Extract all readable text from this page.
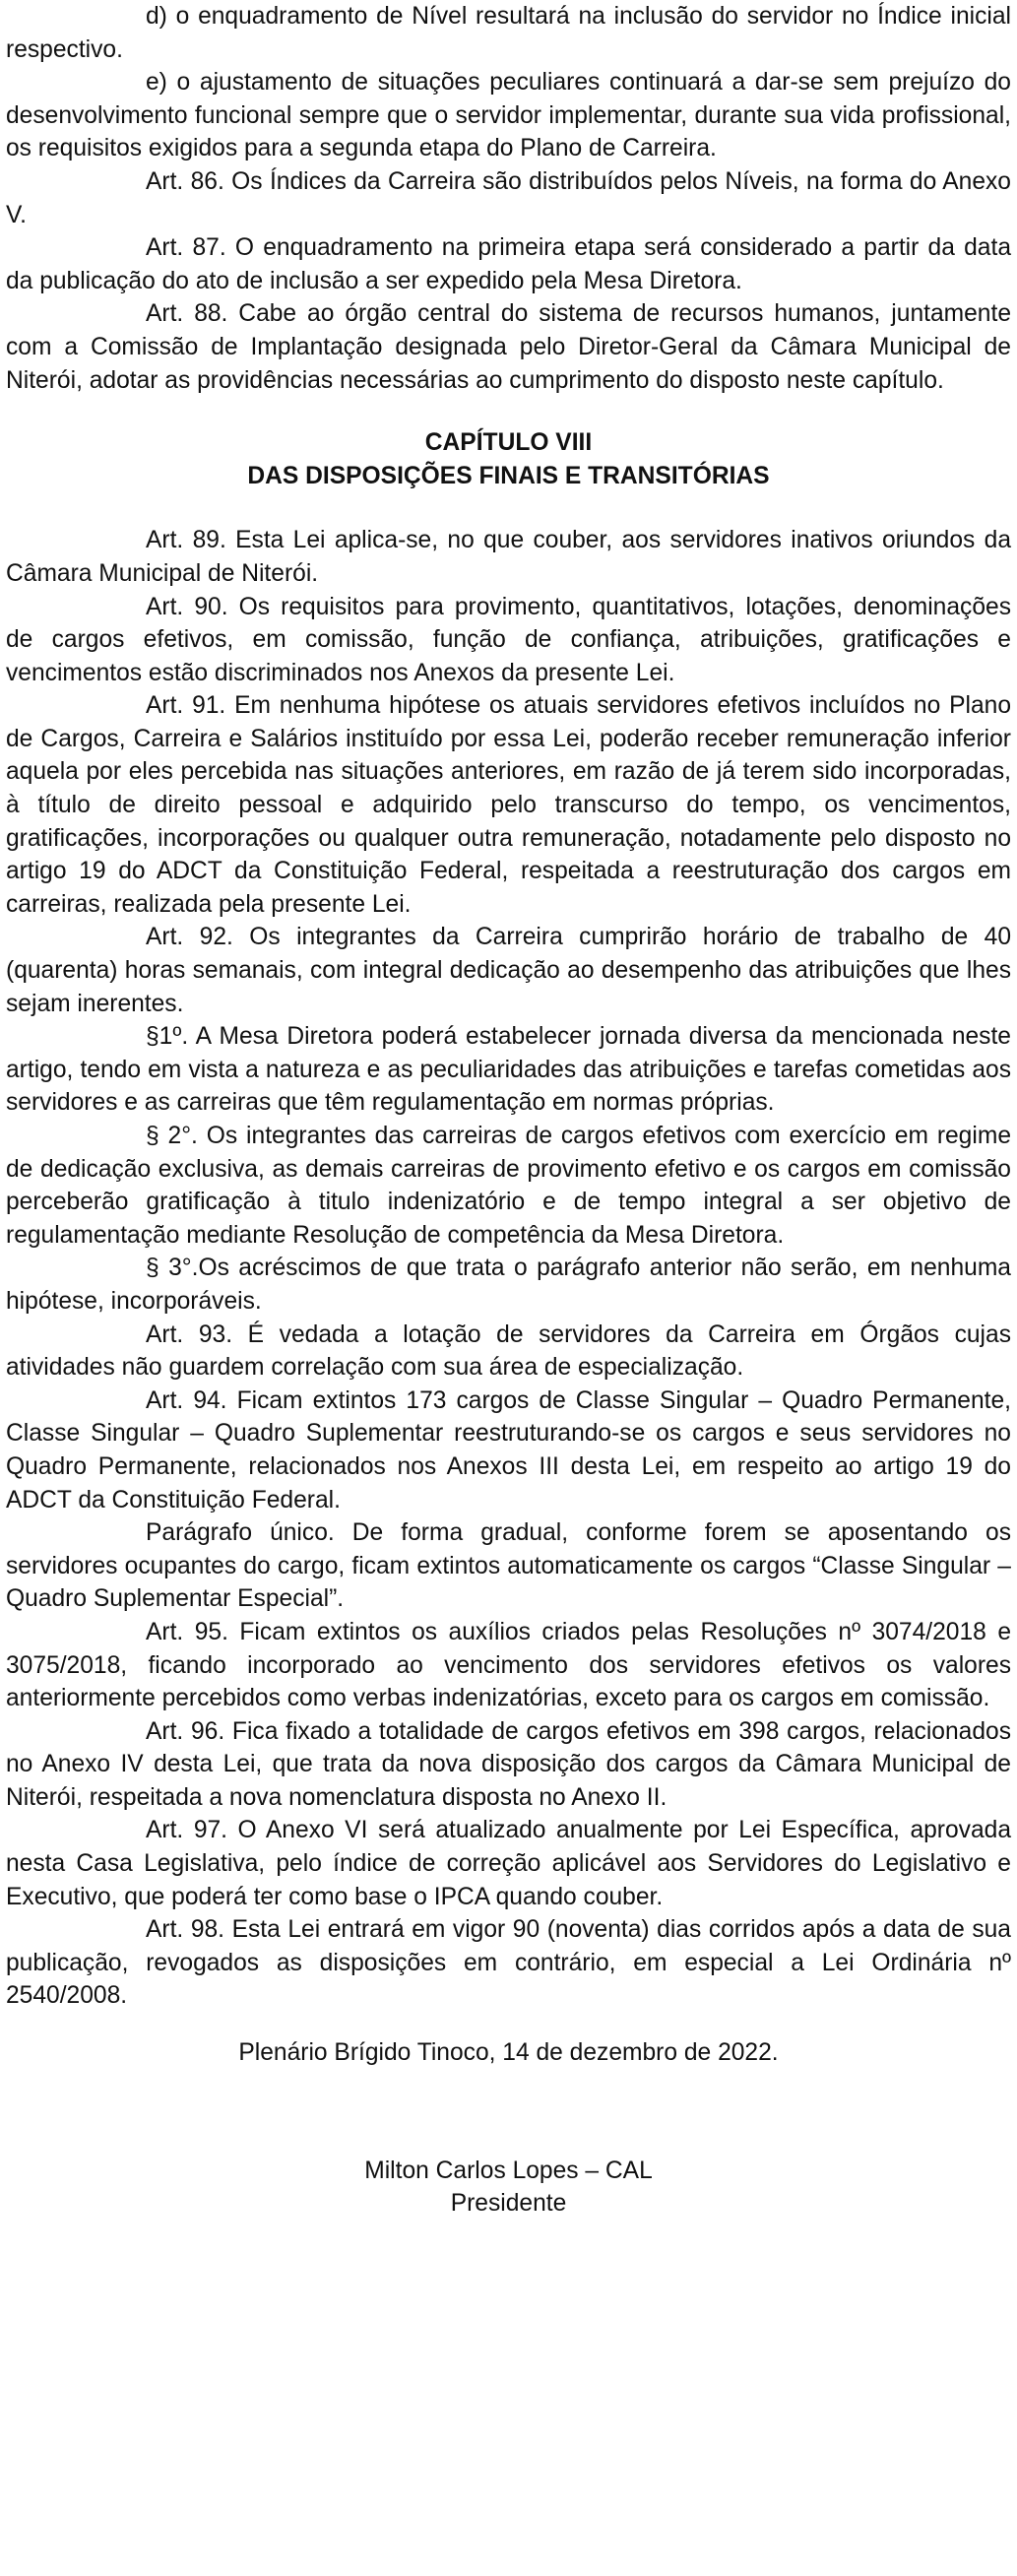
d) o enquadramento de Nível resultará na inclusão do servidor no Índice inicial respectivo.

e) o ajustamento de situações peculiares continuará a dar-se sem prejuízo do desenvolvimento funcional sempre que o servidor implementar, durante sua vida profissional, os requisitos exigidos para a segunda etapa do Plano de Carreira.

Art. 86. Os Índices da Carreira são distribuídos pelos Níveis, na forma do Anexo V.

Art. 87. O enquadramento na primeira etapa será considerado a partir da data da publicação do ato de inclusão a ser expedido pela Mesa Diretora.

Art. 88. Cabe ao órgão central do sistema de recursos humanos, juntamente com a Comissão de Implantação designada pelo Diretor-Geral da Câmara Municipal de Niterói, adotar as providências necessárias ao cumprimento do disposto neste capítulo.

CAPÍTULO VIII
DAS DISPOSIÇÕES FINAIS E TRANSITÓRIAS

Art. 89. Esta Lei aplica-se, no que couber, aos servidores inativos oriundos da Câmara Municipal de Niterói.

Art. 90. Os requisitos para provimento, quantitativos, lotações, denominações de cargos efetivos, em comissão, função de confiança, atribuições, gratificações e vencimentos estão discriminados nos Anexos da presente Lei.

Art. 91. Em nenhuma hipótese os atuais servidores efetivos incluídos no Plano de Cargos, Carreira e Salários instituído por essa Lei, poderão receber remuneração inferior aquela por eles percebida nas situações anteriores, em razão de já terem sido incorporadas, à título de direito pessoal e adquirido pelo transcurso do tempo, os vencimentos, gratificações, incorporações ou qualquer outra remuneração, notadamente pelo disposto no artigo 19 do ADCT da Constituição Federal, respeitada a reestruturação dos cargos em carreiras, realizada pela presente Lei.

Art. 92. Os integrantes da Carreira cumprirão horário de trabalho de 40 (quarenta) horas semanais, com integral dedicação ao desempenho das atribuições que lhes sejam inerentes.

§1º. A Mesa Diretora poderá estabelecer jornada diversa da mencionada neste artigo, tendo em vista a natureza e as peculiaridades das atribuições e tarefas cometidas aos servidores e as carreiras que têm regulamentação em normas próprias.

§ 2°. Os integrantes das carreiras de cargos efetivos com exercício em regime de dedicação exclusiva, as demais carreiras de provimento efetivo e os cargos em comissão perceberão gratificação à titulo indenizatório e de tempo integral a ser objetivo de regulamentação mediante Resolução de competência da Mesa Diretora.

§ 3°.Os acréscimos de que trata o parágrafo anterior não serão, em nenhuma hipótese, incorporáveis.

Art. 93. É vedada a lotação de servidores da Carreira em Órgãos cujas atividades não guardem correlação com sua área de especialização.

Art. 94. Ficam extintos 173 cargos de Classe Singular – Quadro Permanente, Classe Singular – Quadro Suplementar reestruturando-se os cargos e seus servidores no Quadro Permanente, relacionados nos Anexos III desta Lei, em respeito ao artigo 19 do ADCT da Constituição Federal.

Parágrafo único. De forma gradual, conforme forem se aposentando os servidores ocupantes do cargo, ficam extintos automaticamente os cargos “Classe Singular – Quadro Suplementar Especial”.

Art. 95. Ficam extintos os auxílios criados pelas Resoluções nº 3074/2018 e 3075/2018, ficando incorporado ao vencimento dos servidores efetivos os valores anteriormente percebidos como verbas indenizatórias, exceto para os cargos em comissão.

Art. 96. Fica fixado a totalidade de cargos efetivos em 398 cargos, relacionados no Anexo IV desta Lei, que trata da nova disposição dos cargos da Câmara Municipal de Niterói, respeitada a nova nomenclatura disposta no Anexo II.

Art. 97. O Anexo VI será atualizado anualmente por Lei Específica, aprovada nesta Casa Legislativa, pelo índice de correção aplicável aos Servidores do Legislativo e Executivo, que poderá ter como base o IPCA quando couber.

Art. 98. Esta Lei entrará em vigor 90 (noventa) dias corridos após a data de sua publicação, revogados as disposições em contrário, em especial a Lei Ordinária nº 2540/2008.

Plenário Brígido Tinoco, 14 de dezembro de 2022.
Milton Carlos Lopes – CAL
Presidente
